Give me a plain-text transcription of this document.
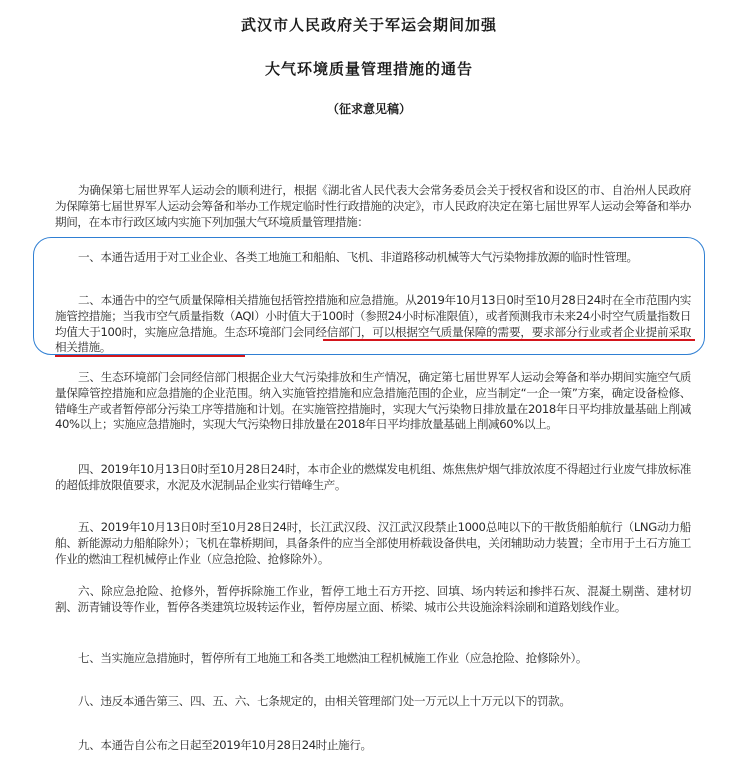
武汉市人民政府关于军运会期间加强
大气环境质量管理措施的通告
（征求意见稿）

为确保第七届世界军人运动会的顺利进行，根据《湖北省人民代表大会常务委员会关于授权省和设区的市、自治州人民政府为保障第七届世界军人运动会筹备和举办工作规定临时性行政措施的决定》，市人民政府决定在第七届世界军人运动会筹备和举办期间，在本市行政区域内实施下列加强大气环境质量管理措施：

一、本通告适用于对工业企业、各类工地施工和船舶、飞机、非道路移动机械等大气污染物排放源的临时性管理。

二、本通告中的空气质量保障相关措施包括管控措施和应急措施。从2019年10月13日0时至10月28日24时在全市范围内实施管控措施；当我市空气质量指数（AQI）小时值大于100时（参照24小时标准限值），或者预测我市未来24小时空气质量指数日均值大于100时，实施应急措施。生态环境部门会同经信部门，可以根据空气质量保障的需要，要求部分行业或者企业提前采取相关措施。

三、生态环境部门会同经信部门根据企业大气污染排放和生产情况，确定第七届世界军人运动会筹备和举办期间实施空气质量保障管控措施和应急措施的企业范围。纳入实施管控措施和应急措施范围的企业，应当制定“一企一策”方案，确定设备检修、错峰生产或者暂停部分污染工序等措施和计划。在实施管控措施时，实现大气污染物日排放量在2018年日平均排放量基础上削减40%以上；实施应急措施时，实现大气污染物日排放量在2018年日平均排放量基础上削减60%以上。

四、2019年10月13日0时至10月28日24时，本市企业的燃煤发电机组、炼焦焦炉烟气排放浓度不得超过行业废气排放标准的超低排放限值要求，水泥及水泥制品企业实行错峰生产。

五、2019年10月13日0时至10月28日24时，长江武汉段、汉江武汉段禁止1000总吨以下的干散货船舶航行（LNG动力船舶、新能源动力船舶除外）；飞机在靠桥期间，具备条件的应当全部使用桥载设备供电，关闭辅助动力装置；全市用于土石方施工作业的燃油工程机械停止作业（应急抢险、抢修除外）。

六、除应急抢险、抢修外，暂停拆除施工作业，暂停工地土石方开挖、回填、场内转运和掺拌石灰、混凝土剔凿、建材切割、沥青铺设等作业，暂停各类建筑垃圾转运作业，暂停房屋立面、桥梁、城市公共设施涂料涂刷和道路划线作业。

七、当实施应急措施时，暂停所有工地施工和各类工地燃油工程机械施工作业（应急抢险、抢修除外）。

八、违反本通告第三、四、五、六、七条规定的，由相关管理部门处一万元以上十万元以下的罚款。

九、本通告自公布之日起至2019年10月28日24时止施行。
